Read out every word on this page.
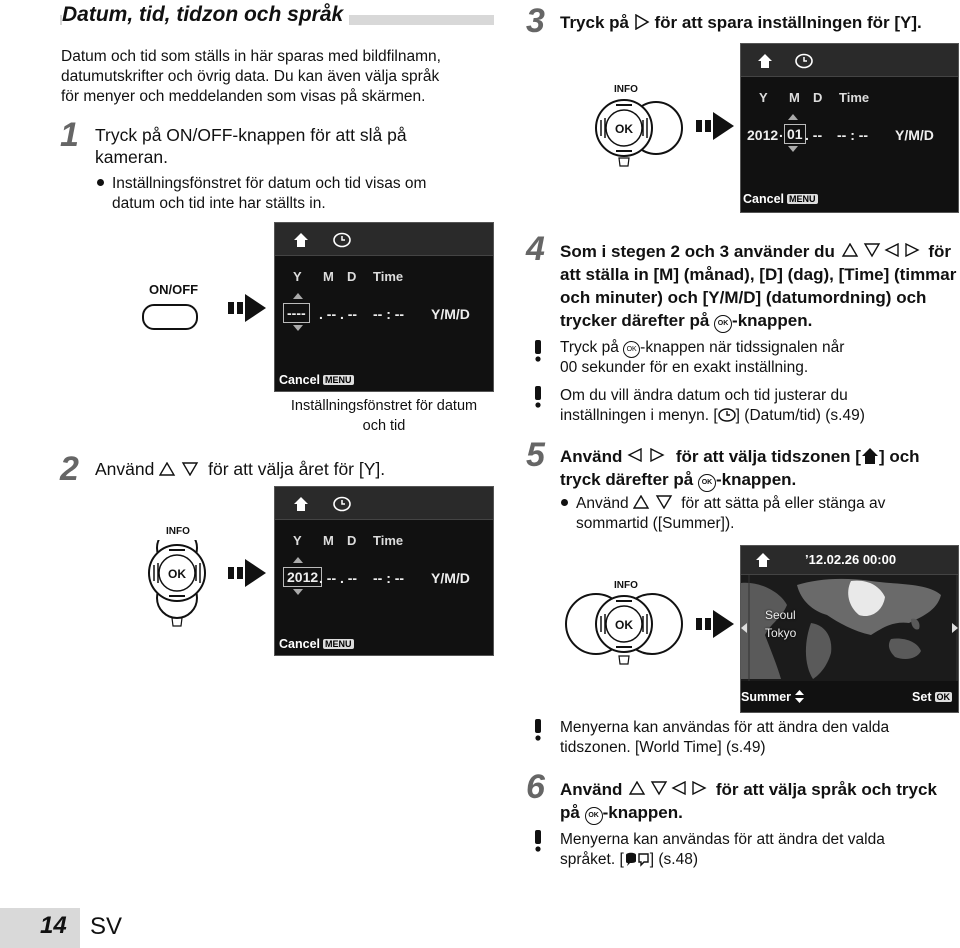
Datum, tid, tidzon och språk
Datum och tid som ställs in här sparas med bildfilnamn,
datumutskrifter och övrig data. Du kan även välja språk
för menyer och meddelanden som visas på skärmen.
1 Tryck på ON/OFF-knappen för att slå på
kameran.
Inställningsfönstret för datum och tid visas om
datum och tid inte har ställts in.
ON/OFF
Y M D Time
---- . -- . -- -- : -- Y/M/D
Cancel MENU
Inställningsfönstret för datum
och tid
2 Använd	för att välja året för [Y].
INFO
OK
Y M D Time
2012 . -- . -- -- : -- Y/M/D
Cancel MENU
3 Tryck på för att spara inställningen för [Y].
INFO
OK
Y M D Time
2012 . 01 . -- -- : -- Y/M/D
Cancel MENU
4 Som i stegen 2 och 3 använder du	för
att ställa in [M] (månad), [D] (dag), [Time] (timmar
och minuter) och [Y/M/D] (datumordning) och
trycker därefter på OK -knappen.
Tryck på OK -knappen när tidssignalen når
00 sekunder för en exakt inställning.
Om du vill ändra datum och tid justerar du
inställningen i menyn. [ ] (Datum/tid) (s.49)
5 Använd	för att välja tidszonen [ ] och
tryck därefter på OK -knappen.
Använd	för att sätta på eller stänga av
sommartid ([Summer]).
INFO
OK
’12.02.26 00:00
Seoul
Tokyo
Summer	Set OK
Menyerna kan användas för att ändra den valda
tidszonen. [World Time] (s.49)
6 Använd	för att välja språk och tryck
på OK -knappen.
Menyerna kan användas för att ändra det valda
språket. [ ] (s.48)
14 SV
